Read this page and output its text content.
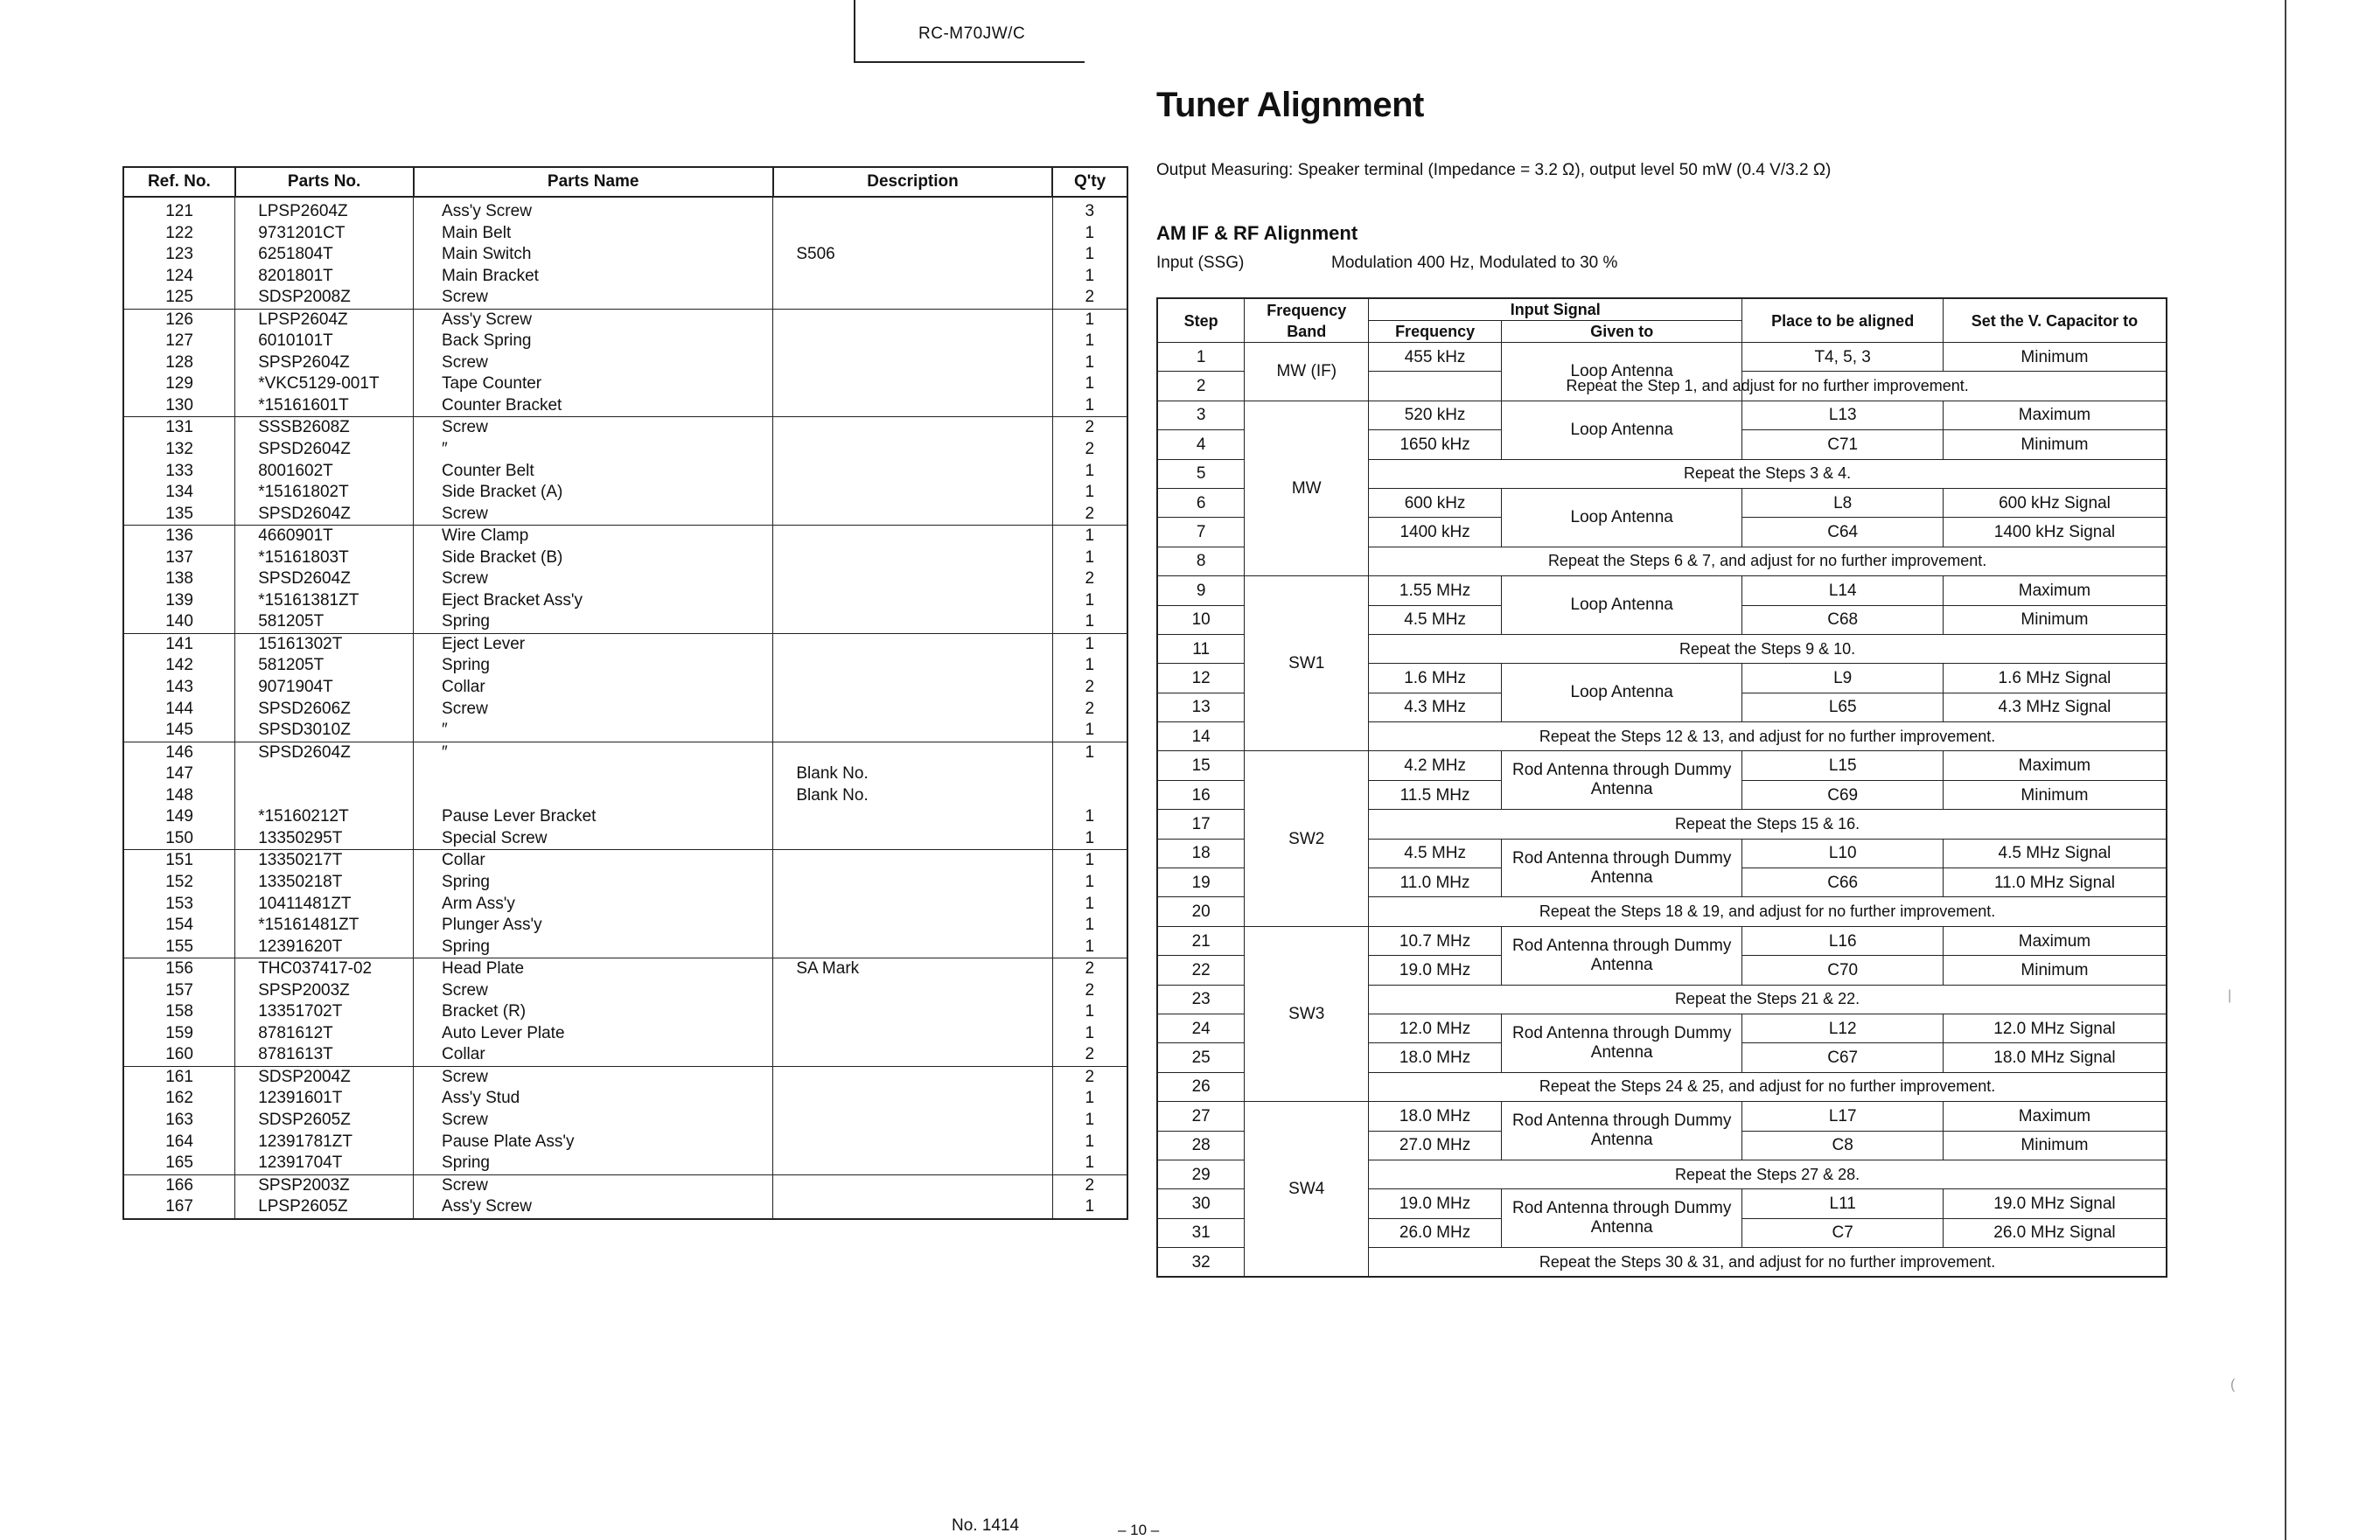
RC-M70JW/C
Ref. No.	Parts No.	Parts Name	Description	Q'ty
121	LPSP2604Z	Ass'y Screw		3
122	9731201CT	Main Belt		1
123	6251804T	Main Switch	S506	1
124	8201801T	Main Bracket		1
125	SDSP2008Z	Screw		2
126	LPSP2604Z	Ass'y Screw		1
127	6010101T	Back Spring		1
128	SPSP2604Z	Screw		1
129	*VKC5129-001T	Tape Counter		1
130	*15161601T	Counter Bracket		1
131	SSSB2608Z	Screw		2
132	SPSD2604Z	″		2
133	8001602T	Counter Belt		1
134	*15161802T	Side Bracket (A)		1
135	SPSD2604Z	Screw		2
136	4660901T	Wire Clamp		1
137	*15161803T	Side Bracket (B)		1
138	SPSD2604Z	Screw		2
139	*15161381ZT	Eject Bracket Ass'y		1
140	581205T	Spring		1
141	15161302T	Eject Lever		1
142	581205T	Spring		1
143	9071904T	Collar		2
144	SPSD2606Z	Screw		2
145	SPSD3010Z	″		1
146	SPSD2604Z	″		1
147			Blank No.	
148			Blank No.	
149	*15160212T	Pause Lever Bracket		1
150	13350295T	Special Screw		1
151	13350217T	Collar		1
152	13350218T	Spring		1
153	10411481ZT	Arm Ass'y		1
154	*15161481ZT	Plunger Ass'y		1
155	12391620T	Spring		1
156	THC037417-02	Head Plate	SA Mark	2
157	SPSP2003Z	Screw		2
158	13351702T	Bracket (R)		1
159	8781612T	Auto Lever Plate		1
160	8781613T	Collar		2
161	SDSP2004Z	Screw		2
162	12391601T	Ass'y Stud		1
163	SDSP2605Z	Screw		1
164	12391781ZT	Pause Plate Ass'y		1
165	12391704T	Spring		1
166	SPSP2003Z	Screw		2
167	LPSP2605Z	Ass'y Screw		1
Tuner Alignment
Output Measuring: Speaker terminal (Impedance = 3.2 Ω), output level 50 mW (0.4 V/3.2 Ω)
AM IF & RF Alignment
Input (SSG)	Modulation 400 Hz, Modulated to 30 %
Step	Frequency Band	Input Signal		Place to be aligned	Set the V. Capacitor to
		Frequency	Given to		
1	MW (IF)	455 kHz	Loop Antenna	T4, 5, 3	Minimum
2		Repeat the Step 1, and adjust for no further improvement.			
3	MW	520 kHz	Loop Antenna	L13	Maximum
4		1650 kHz		C71	Minimum
5		Repeat the Steps 3 & 4.			
6		600 kHz	Loop Antenna	L8	600 kHz Signal
7		1400 kHz		C64	1400 kHz Signal
8		Repeat the Steps 6 & 7, and adjust for no further improvement.			
9	SW1	1.55 MHz	Loop Antenna	L14	Maximum
10		4.5 MHz		C68	Minimum
11		Repeat the Steps 9 & 10.			
12		1.6 MHz	Loop Antenna	L9	1.6 MHz Signal
13		4.3 MHz		L65	4.3 MHz Signal
14		Repeat the Steps 12 & 13, and adjust for no further improvement.			
15	SW2	4.2 MHz	Rod Antenna through Dummy Antenna	L15	Maximum
16		11.5 MHz		C69	Minimum
17		Repeat the Steps 15 & 16.			
18		4.5 MHz	Rod Antenna through Dummy Antenna	L10	4.5 MHz Signal
19		11.0 MHz		C66	11.0 MHz Signal
20		Repeat the Steps 18 & 19, and adjust for no further improvement.			
21	SW3	10.7 MHz	Rod Antenna through Dummy Antenna	L16	Maximum
22		19.0 MHz		C70	Minimum
23		Repeat the Steps 21 & 22.			
24		12.0 MHz	Rod Antenna through Dummy Antenna	L12	12.0 MHz Signal
25		18.0 MHz		C67	18.0 MHz Signal
26		Repeat the Steps 24 & 25, and adjust for no further improvement.			
27	SW4	18.0 MHz	Rod Antenna through Dummy Antenna	L17	Maximum
28		27.0 MHz		C8	Minimum
29		Repeat the Steps 27 & 28.			
30		19.0 MHz	Rod Antenna through Dummy Antenna	L11	19.0 MHz Signal
31		26.0 MHz		C7	26.0 MHz Signal
32		Repeat the Steps 30 & 31, and adjust for no further improvement.			
No. 1414	– 10 –
|
(
